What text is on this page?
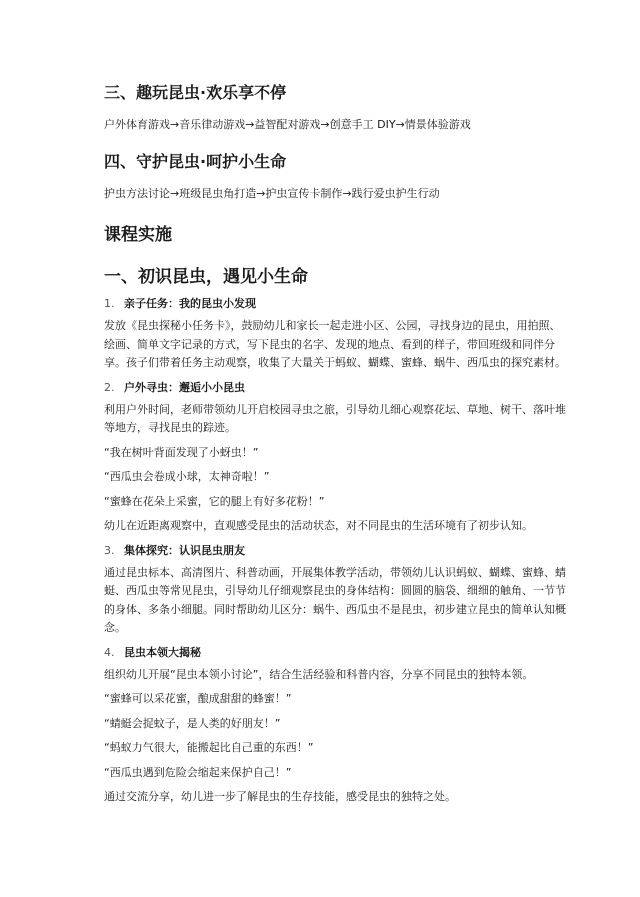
三、趣玩昆虫·欢乐享不停

户外体育游戏→音乐律动游戏→益智配对游戏→创意手工 DIY→情景体验游戏

四、守护昆虫·呵护小生命

护虫方法讨论→班级昆虫角打造→护虫宣传卡制作→践行爱虫护生行动

课程实施
一、初识昆虫，遇见小生命
1. 亲子任务：我的昆虫小发现

发放《昆虫探秘小任务卡》，鼓励幼儿和家长一起走进小区、公园，寻找身边的昆虫，用拍照、绘画、简单文字记录的方式，写下昆虫的名字、发现的地点、看到的样子，带回班级和同伴分享。孩子们带着任务主动观察，收集了大量关于蚂蚁、蝴蝶、蜜蜂、蜗牛、西瓜虫的探究素材。

2. 户外寻虫：邂逅小小昆虫

利用户外时间，老师带领幼儿开启校园寻虫之旅，引导幼儿细心观察花坛、草地、树干、落叶堆等地方，寻找昆虫的踪迹。

“我在树叶背面发现了小蚜虫！”

“西瓜虫会卷成小球，太神奇啦！”

“蜜蜂在花朵上采蜜，它的腿上有好多花粉！”

幼儿在近距离观察中，直观感受昆虫的活动状态，对不同昆虫的生活环境有了初步认知。

3. 集体探究：认识昆虫朋友

通过昆虫标本、高清图片、科普动画，开展集体教学活动，带领幼儿认识蚂蚁、蝴蝶、蜜蜂、蜻蜓、西瓜虫等常见昆虫，引导幼儿仔细观察昆虫的身体结构：圆圆的脑袋、细细的触角、一节节的身体、多条小细腿。同时帮助幼儿区分：蜗牛、西瓜虫不是昆虫，初步建立昆虫的简单认知概念。

4. 昆虫本领大揭秘

组织幼儿开展“昆虫本领小讨论”，结合生活经验和科普内容，分享不同昆虫的独特本领。

“蜜蜂可以采花蜜，酿成甜甜的蜂蜜！”

“蜻蜓会捉蚊子，是人类的好朋友！”

“蚂蚁力气很大，能搬起比自己重的东西！”

“西瓜虫遇到危险会缩起来保护自己！”

通过交流分享，幼儿进一步了解昆虫的生存技能，感受昆虫的独特之处。
